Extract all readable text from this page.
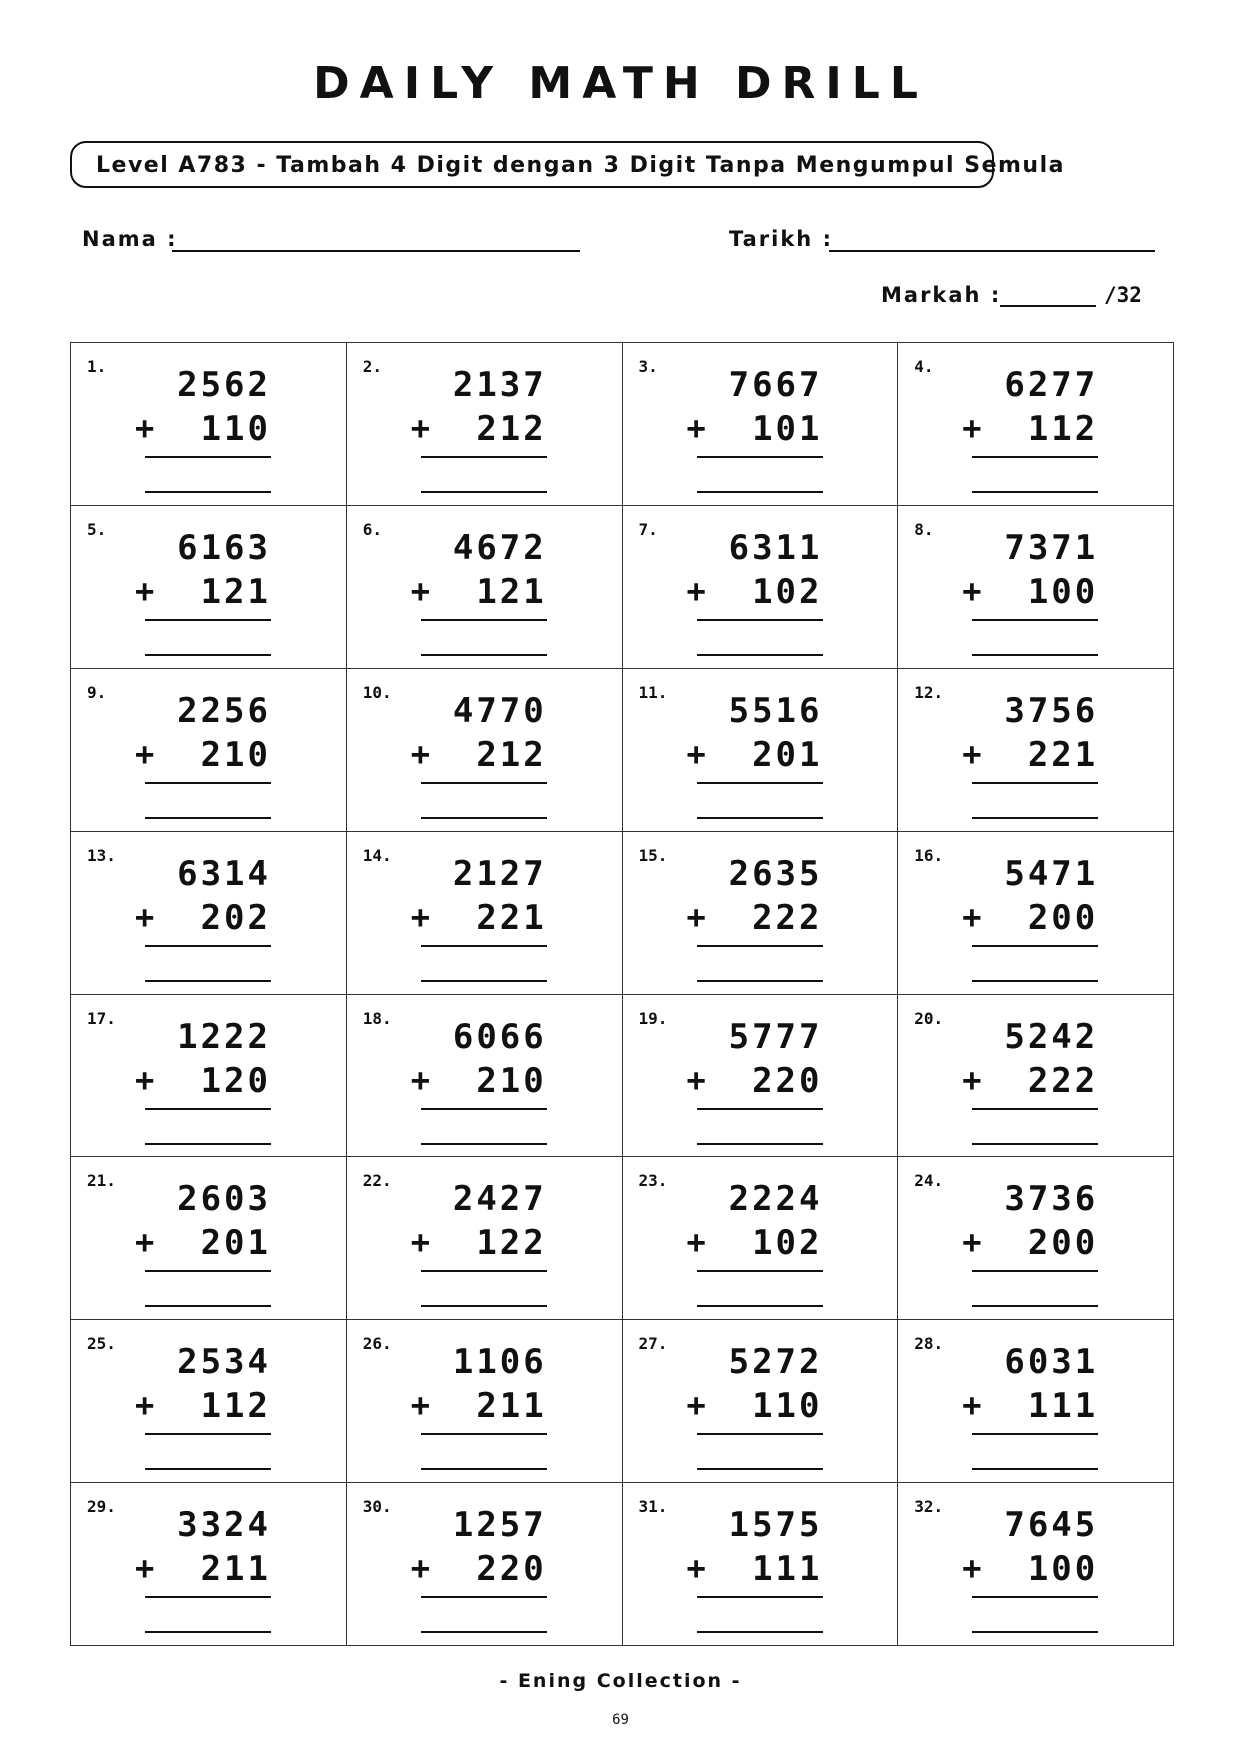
DAILY MATH DRILL
Level A783 - Tambah 4 Digit dengan 3 Digit Tanpa Mengumpul Semula
Nama :	Tarikh :
Markah :	/32
1.	2562
+	110
2.	2137
+	212
3.	7667
+	101
4.	6277
+	112
5.	6163
+	121
6.	4672
+	121
7.	6311
+	102
8.	7371
+	100
9.	2256
+	210
10.	4770
+	212
11.	5516
+	201
12.	3756
+	221
13.	6314
+	202
14.	2127
+	221
15.	2635
+	222
16.	5471
+	200
17.	1222
+	120
18.	6066
+	210
19.	5777
+	220
20.	5242
+	222
21.	2603
+	201
22.	2427
+	122
23.	2224
+	102
24.	3736
+	200
25.	2534
+	112
26.	1106
+	211
27.	5272
+	110
28.	6031
+	111
29.	3324
+	211
30.	1257
+	220
31.	1575
+	111
32.	7645
+	100
- Ening Collection -
69
